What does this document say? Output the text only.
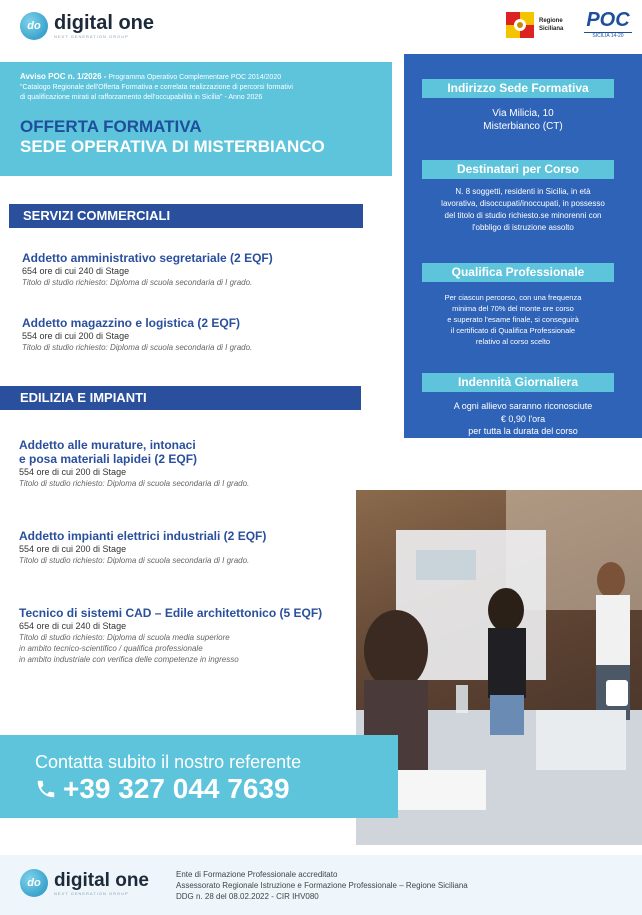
do digital one
NEXT GENERATION GROUP
Regione
Siciliana POC
SICILIA 14-20
Avviso POC n. 1/2026 - Programma Operativo Complementare POC 2014/2020
"Catalogo Regionale dell'Offerta Formativa e correlata realizzazione di percorsi formativi
di qualificazione mirati al rafforzamento dell'occupabilità in Sicilia" - Anno 2026
OFFERTA FORMATIVA
SEDE OPERATIVA DI MISTERBIANCO
Indirizzo Sede Formativa
Via Milicia, 10
Misterbianco (CT)
Destinatari per Corso
N. 8 soggetti, residenti in Sicilia, in età
lavorativa, disoccupati/inoccupati, in possesso
del titolo di studio richiesto.se minorenni con
l'obbligo di istruzione assolto
Qualifica Professionale
Per ciascun percorso, con una frequenza
minima del 70% del monte ore corso
e superato l'esame finale, si conseguirà
il certificato di Qualifica Professionale
relativo al corso scelto
Indennità Giornaliera
A ogni allievo saranno riconosciute
€ 0,90 l'ora
per tutta la durata del corso
SERVIZI COMMERCIALI
Addetto amministrativo segretariale (2 EQF)
654 ore di cui 240 di Stage
Titolo di studio richiesto: Diploma di scuola secondaria di I grado.
Addetto magazzino e logistica (2 EQF)
554 ore di cui 200 di Stage
Titolo di studio richiesto: Diploma di scuola secondaria di I grado.
EDILIZIA E IMPIANTI
Addetto alle murature, intonaci
e posa materiali lapidei (2 EQF)
554 ore di cui 200 di Stage
Titolo di studio richiesto: Diploma di scuola secondaria di I grado.
Addetto impianti elettrici industriali (2 EQF)
554 ore di cui 200 di Stage
Titolo di studio richiesto: Diploma di scuola secondaria di I grado.
Tecnico di sistemi CAD – Edile architettonico (5 EQF)
654 ore di cui 240 di Stage
Titolo di studio richiesto: Diploma di scuola media superiore
in ambito tecnico-scientifico / qualifica professionale
in ambito industriale con verifica delle competenze in ingresso
Contatta subito il nostro referente
+39 327 044 7639
do digital one
NEXT GENERATION GROUP
Ente di Formazione Professionale accreditato
Assessorato Regionale Istruzione e Formazione Professionale – Regione Siciliana
DDG n. 28 del 08.02.2022 - CIR IHV080
